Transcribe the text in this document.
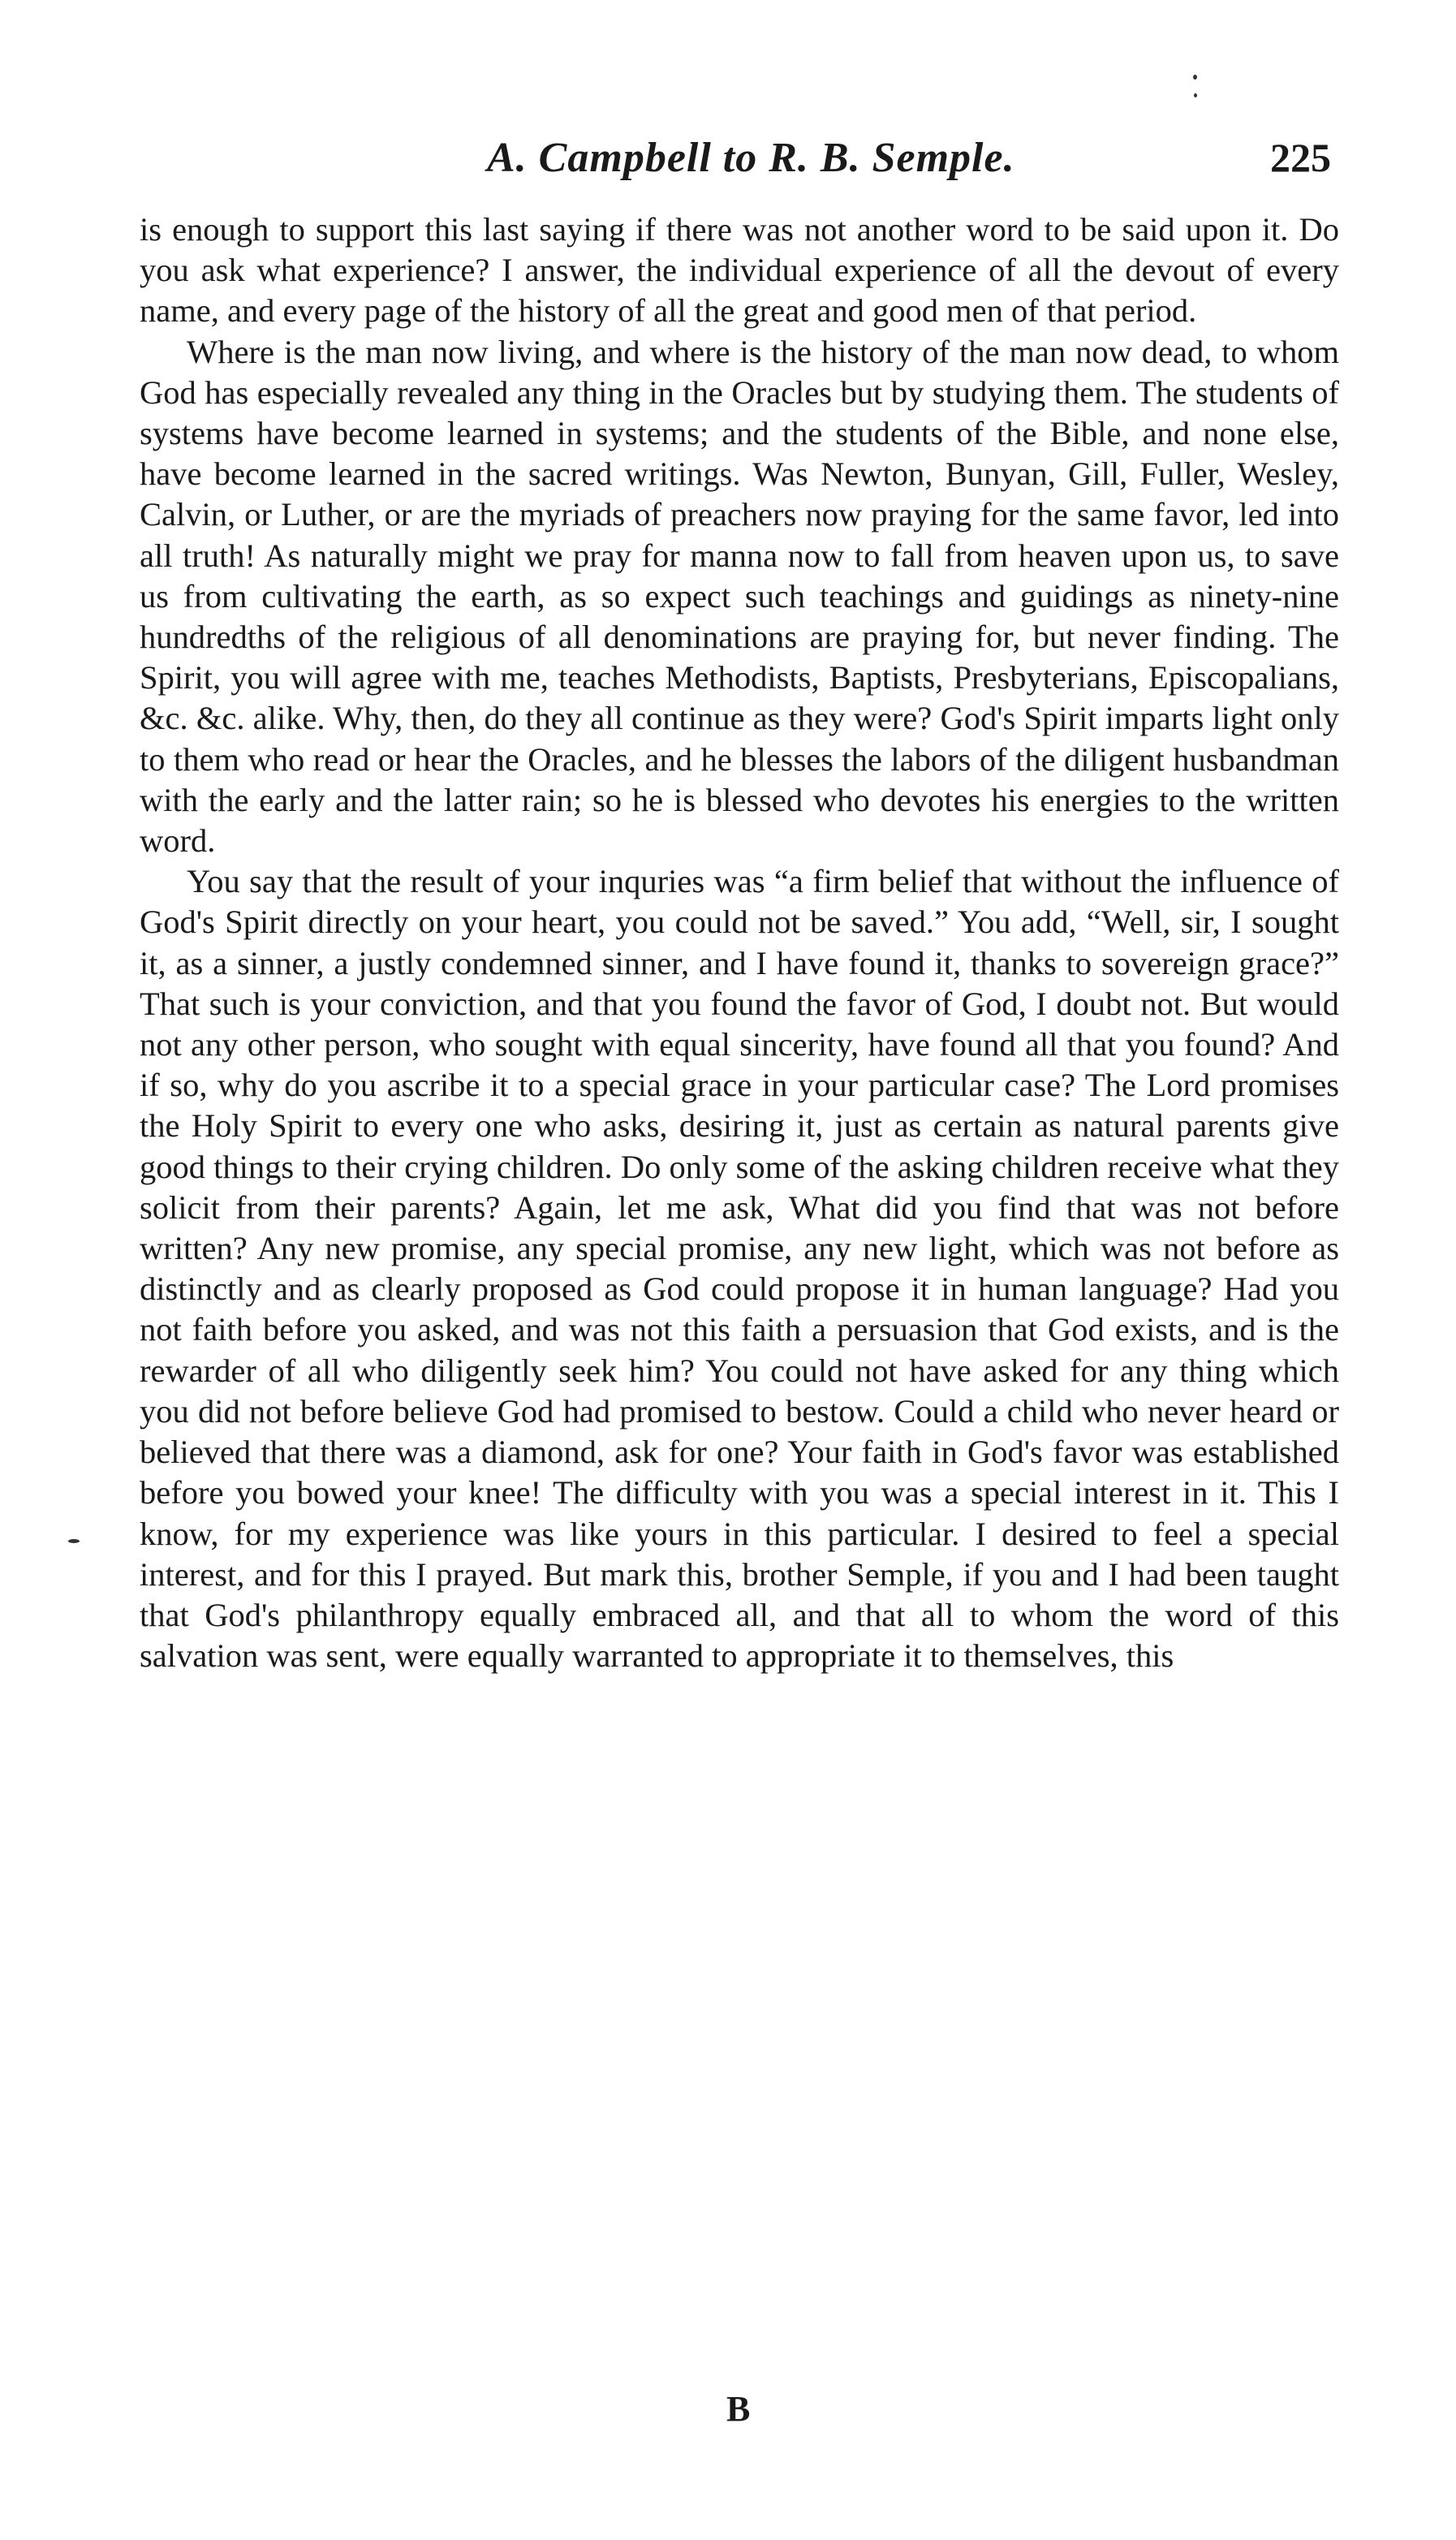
A. Campbell to R. B. Semple.	225

is enough to support this last saying if there was not another word to be said upon it. Do you ask what experience? I answer, the individual experience of all the devout of every name, and every page of the history of all the great and good men of that period.

Where is the man now living, and where is the history of the man now dead, to whom God has especially revealed any thing in the Oracles but by studying them. The students of systems have become learned in systems; and the students of the Bible, and none else, have become learned in the sacred writings. Was Newton, Bunyan, Gill, Fuller, Wesley, Calvin, or Luther, or are the myriads of preachers now praying for the same favor, led into all truth! As naturally might we pray for manna now to fall from heaven upon us, to save us from cultivating the earth, as so expect such teachings and guidings as ninety-nine hundredths of the religious of all denominations are praying for, but never finding. The Spirit, you will agree with me, teaches Methodists, Baptists, Presbyterians, Episcopalians, &c. &c. alike. Why, then, do they all continue as they were? God's Spirit imparts light only to them who read or hear the Oracles, and he blesses the labors of the diligent husbandman with the early and the latter rain; so he is blessed who devotes his energies to the written word.

You say that the result of your inquries was “a firm belief that without the influence of God's Spirit directly on your heart, you could not be saved.” You add, “Well, sir, I sought it, as a sinner, a justly condemned sinner, and I have found it, thanks to sovereign grace?” That such is your conviction, and that you found the favor of God, I doubt not. But would not any other person, who sought with equal sincerity, have found all that you found? And if so, why do you ascribe it to a special grace in your particular case? The Lord promises the Holy Spirit to every one who asks, desiring it, just as certain as natural parents give good things to their crying children. Do only some of the asking children receive what they solicit from their parents? Again, let me ask, What did you find that was not before written? Any new promise, any special promise, any new light, which was not before as distinctly and as clearly proposed as God could propose it in human language? Had you not faith before you asked, and was not this faith a persuasion that God exists, and is the rewarder of all who diligently seek him? You could not have asked for any thing which you did not before believe God had promised to bestow. Could a child who never heard or believed that there was a diamond, ask for one? Your faith in God's favor was established before you bowed your knee! The difficulty with you was a special interest in it. This I know, for my experience was like yours in this particular. I desired to feel a special interest, and for this I prayed. But mark this, brother Semple, if you and I had been taught that God's philanthropy equally embraced all, and that all to whom the word of this salvation was sent, were equally warranted to appropriate it to themselves, this

B
